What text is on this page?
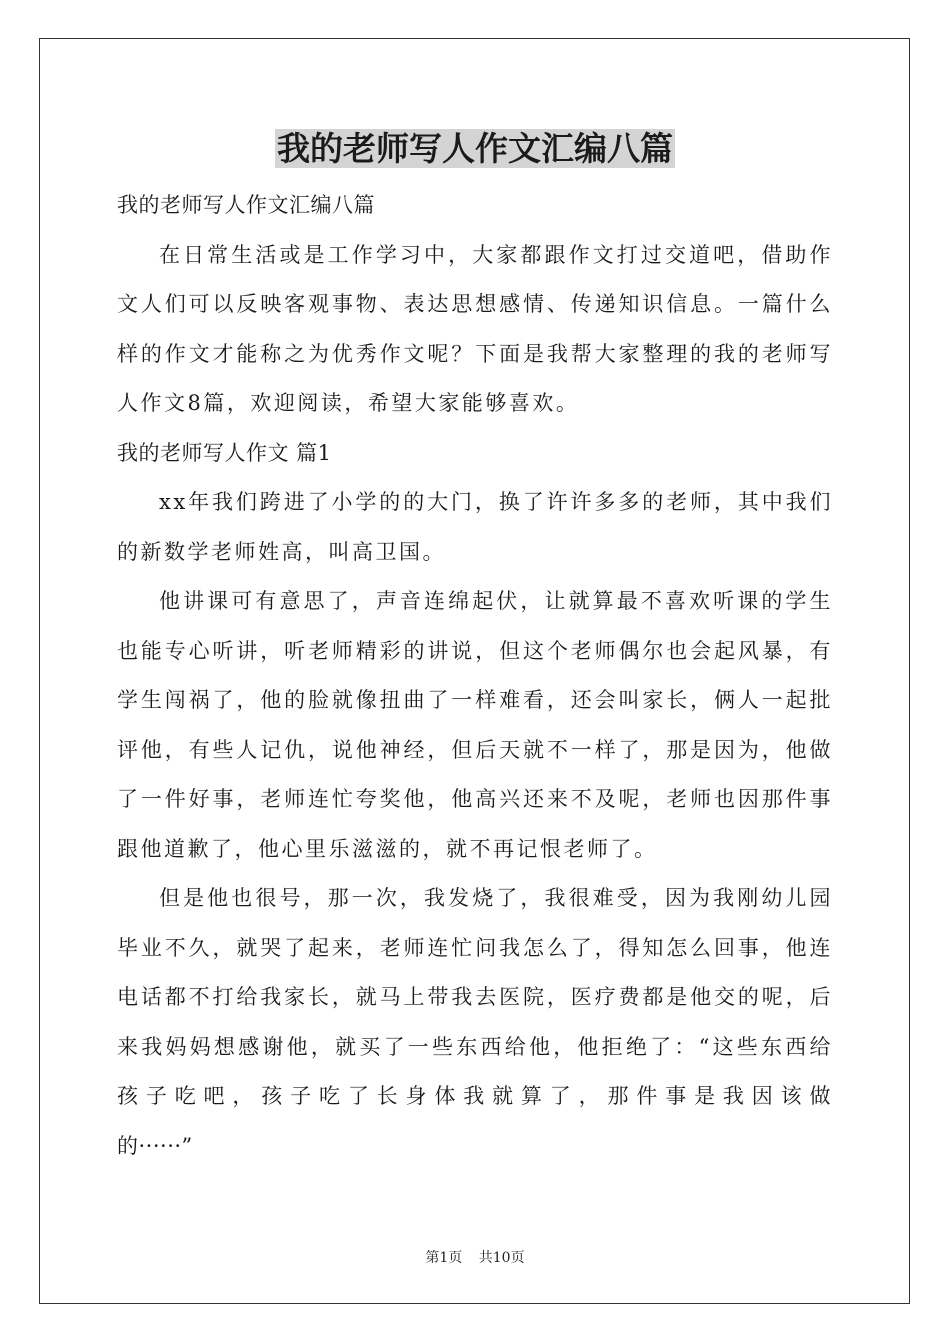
我的老师写人作文汇编八篇

我的老师写人作文汇编八篇

在日常生活或是工作学习中，大家都跟作文打过交道吧，借助作文人们可以反映客观事物、表达思想感情、传递知识信息。一篇什么样的作文才能称之为优秀作文呢？下面是我帮大家整理的我的老师写人作文8篇，欢迎阅读，希望大家能够喜欢。

我的老师写人作文 篇1

xx年我们跨进了小学的的大门，换了许许多多的老师，其中我们的新数学老师姓高，叫高卫国。

他讲课可有意思了，声音连绵起伏，让就算最不喜欢听课的学生也能专心听讲，听老师精彩的讲说，但这个老师偶尔也会起风暴，有学生闯祸了，他的脸就像扭曲了一样难看，还会叫家长，俩人一起批评他，有些人记仇，说他神经，但后天就不一样了，那是因为，他做了一件好事，老师连忙夸奖他，他高兴还来不及呢，老师也因那件事跟他道歉了，他心里乐滋滋的，就不再记恨老师了。

但是他也很号，那一次，我发烧了，我很难受，因为我刚幼儿园毕业不久，就哭了起来，老师连忙问我怎么了，得知怎么回事，他连电话都不打给我家长，就马上带我去医院，医疗费都是他交的呢，后来我妈妈想感谢他，就买了一些东西给他，他拒绝了：“这些东西给孩子吃吧，孩子吃了长身体我就算了，那件事是我因该做

的······”

第1页 共10页
